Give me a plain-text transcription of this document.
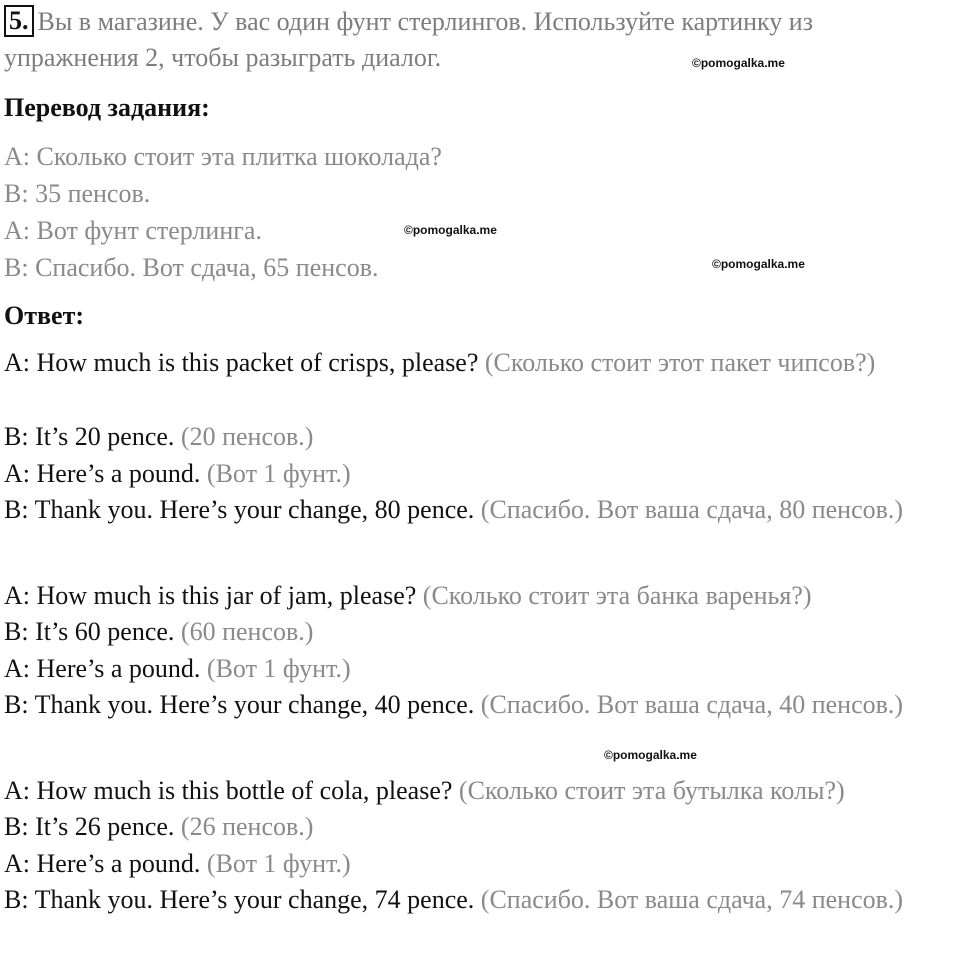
5. Вы в магазине. У вас один фунт стерлингов. Используйте картинку из упражнения 2, чтобы разыграть диалог.
Перевод задания:
A: Сколько стоит эта плитка шоколада?
B: 35 пенсов.
A: Вот фунт стерлинга.
B: Спасибо. Вот сдача, 65 пенсов.
Ответ:
A: How much is this packet of crisps, please? (Сколько стоит этот пакет чипсов?)
B: It’s 20 pence. (20 пенсов.)
A: Here’s a pound. (Вот 1 фунт.)
B: Thank you. Here’s your change, 80 pence. (Спасибо. Вот ваша сдача, 80 пенсов.)
A: How much is this jar of jam, please? (Сколько стоит эта банка варенья?)
B: It’s 60 pence. (60 пенсов.)
A: Here’s a pound. (Вот 1 фунт.)
B: Thank you. Here’s your change, 40 pence. (Спасибо. Вот ваша сдача, 40 пенсов.)
A: How much is this bottle of cola, please? (Сколько стоит эта бутылка колы?)
B: It’s 26 pence. (26 пенсов.)
A: Here’s a pound. (Вот 1 фунт.)
B: Thank you. Here’s your change, 74 pence. (Спасибо. Вот ваша сдача, 74 пенсов.)
©pomogalka.me
©pomogalka.me
©pomogalka.me
©pomogalka.me
